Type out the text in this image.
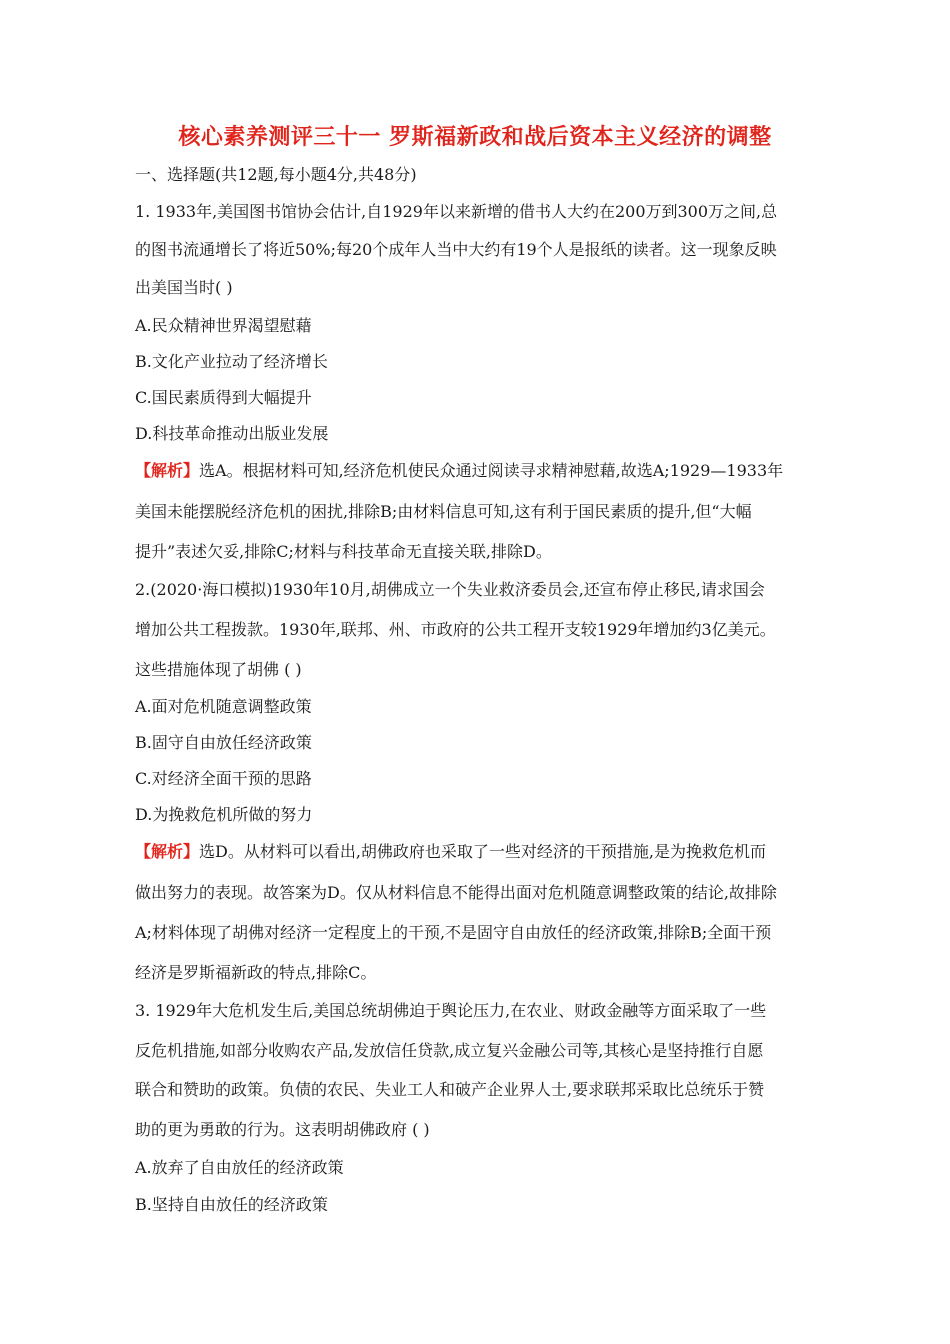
核心素养测评三十一 罗斯福新政和战后资本主义经济的调整
一、选择题(共12题,每小题4分,共48分)
1. 1933年,美国图书馆协会估计,自1929年以来新增的借书人大约在200万到300万之间,总
的图书流通增长了将近50%;每20个成年人当中大约有19个人是报纸的读者。这一现象反映
出美国当时( )
A.民众精神世界渴望慰藉
B.文化产业拉动了经济增长
C.国民素质得到大幅提升
D.科技革命推动出版业发展
【解析】选A。根据材料可知,经济危机使民众通过阅读寻求精神慰藉,故选A;1929—1933年
美国未能摆脱经济危机的困扰,排除B;由材料信息可知,这有利于国民素质的提升,但“大幅
提升”表述欠妥,排除C;材料与科技革命无直接关联,排除D。
2.(2020·海口模拟)1930年10月,胡佛成立一个失业救济委员会,还宣布停止移民,请求国会
增加公共工程拨款。1930年,联邦、州、市政府的公共工程开支较1929年增加约3亿美元。
这些措施体现了胡佛 ( )
A.面对危机随意调整政策
B.固守自由放任经济政策
C.对经济全面干预的思路
D.为挽救危机所做的努力
【解析】选D。从材料可以看出,胡佛政府也采取了一些对经济的干预措施,是为挽救危机而
做出努力的表现。故答案为D。仅从材料信息不能得出面对危机随意调整政策的结论,故排除
A;材料体现了胡佛对经济一定程度上的干预,不是固守自由放任的经济政策,排除B;全面干预
经济是罗斯福新政的特点,排除C。
3. 1929年大危机发生后,美国总统胡佛迫于舆论压力,在农业、财政金融等方面采取了一些
反危机措施,如部分收购农产品,发放信任贷款,成立复兴金融公司等,其核心是坚持推行自愿
联合和赞助的政策。负债的农民、失业工人和破产企业界人士,要求联邦采取比总统乐于赞
助的更为勇敢的行为。这表明胡佛政府 ( )
A.放弃了自由放任的经济政策
B.坚持自由放任的经济政策
